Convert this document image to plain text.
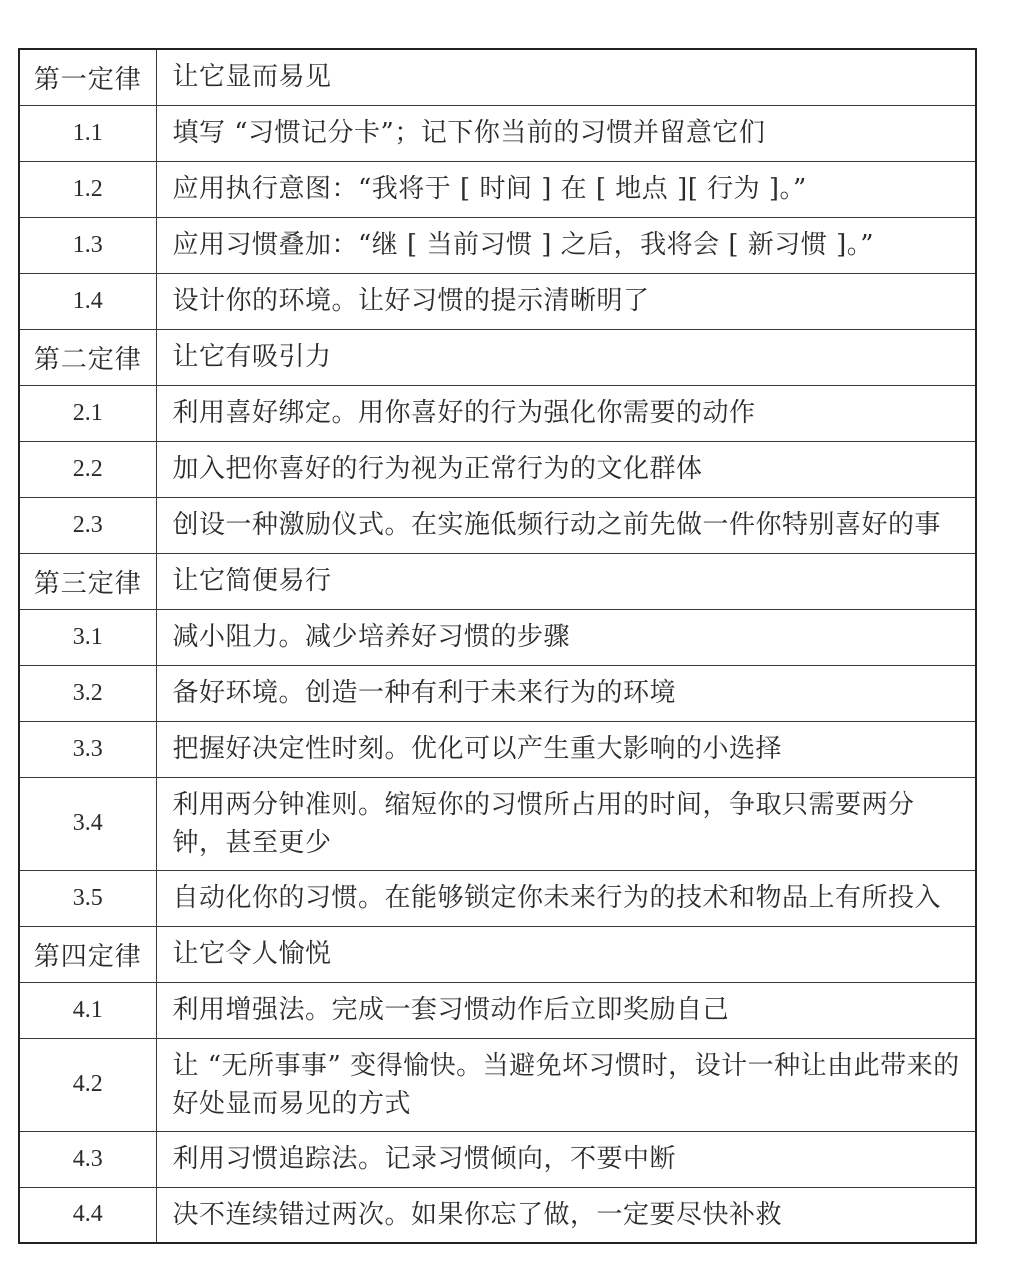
第一定律	让它显而易见
1.1	填写 “习惯记分卡”；记下你当前的习惯并留意它们
1.2	应用执行意图：“我将于 [ 时间 ] 在 [ 地点 ][ 行为 ]。”
1.3	应用习惯叠加：“继 [ 当前习惯 ] 之后，我将会 [ 新习惯 ]。”
1.4	设计你的环境。让好习惯的提示清晰明了
第二定律	让它有吸引力
2.1	利用喜好绑定。用你喜好的行为强化你需要的动作
2.2	加入把你喜好的行为视为正常行为的文化群体
2.3	创设一种激励仪式。在实施低频行动之前先做一件你特别喜好的事
第三定律	让它简便易行
3.1	减小阻力。减少培养好习惯的步骤
3.2	备好环境。创造一种有利于未来行为的环境
3.3	把握好决定性时刻。优化可以产生重大影响的小选择
3.4	利用两分钟准则。缩短你的习惯所占用的时间，争取只需要两分钟，甚至更少
3.5	自动化你的习惯。在能够锁定你未来行为的技术和物品上有所投入
第四定律	让它令人愉悦
4.1	利用增强法。完成一套习惯动作后立即奖励自己
4.2	让 “无所事事” 变得愉快。当避免坏习惯时，设计一种让由此带来的好处显而易见的方式
4.3	利用习惯追踪法。记录习惯倾向，不要中断
4.4	决不连续错过两次。如果你忘了做，一定要尽快补救
